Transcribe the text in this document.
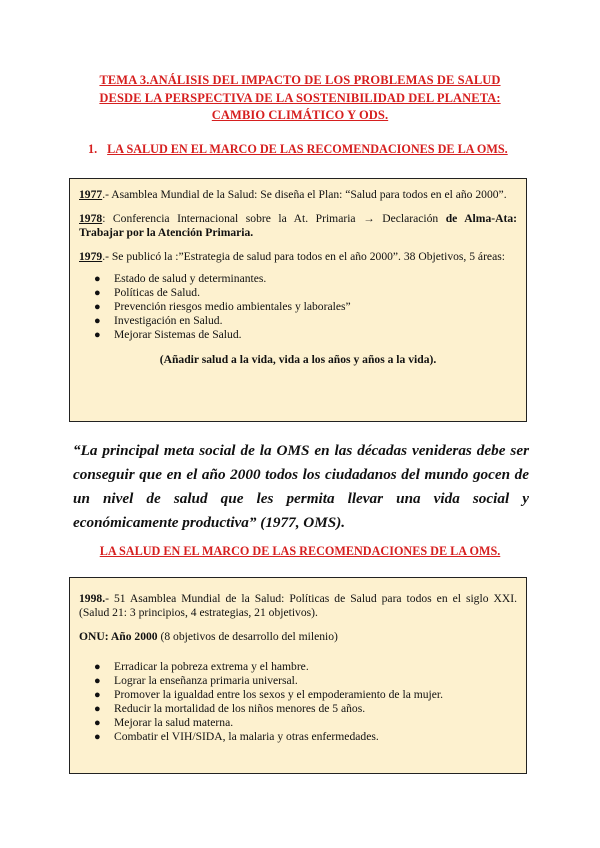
TEMA 3.ANÁLISIS DEL IMPACTO DE LOS PROBLEMAS DE SALUD
DESDE LA PERSPECTIVA DE LA SOSTENIBILIDAD DEL PLANETA:
CAMBIO CLIMÁTICO Y ODS.
1. LA SALUD EN EL MARCO DE LAS RECOMENDACIONES DE LA OMS.

1977.- Asamblea Mundial de la Salud: Se diseña el Plan: “Salud para todos en el año 2000”.

1978: Conferencia Internacional sobre la At. Primaria → Declaración de Alma-Ata: Trabajar por la Atención Primaria.

1979.- Se publicó la :”Estrategia de salud para todos en el año 2000”. 38 Objetivos, 5 áreas:

● Estado de salud y determinantes.
● Políticas de Salud.
● Prevención riesgos medio ambientales y laborales”
● Investigación en Salud.
● Mejorar Sistemas de Salud.
(Añadir salud a la vida, vida a los años y años a la vida).
“La principal meta social de la OMS en las décadas venideras debe ser conseguir que en el año 2000 todos los ciudadanos del mundo gocen de un nivel de salud que les permita llevar una vida social y económicamente productiva” (1977, OMS).
LA SALUD EN EL MARCO DE LAS RECOMENDACIONES DE LA OMS.

1998.- 51 Asamblea Mundial de la Salud: Políticas de Salud para todos en el siglo XXI. (Salud 21: 3 principios, 4 estrategias, 21 objetivos).

ONU: Año 2000 (8 objetivos de desarrollo del milenio)

● Erradicar la pobreza extrema y el hambre.
● Lograr la enseñanza primaria universal.
● Promover la igualdad entre los sexos y el empoderamiento de la mujer.
● Reducir la mortalidad de los niños menores de 5 años.
● Mejorar la salud materna.
● Combatir el VIH/SIDA, la malaria y otras enfermedades.
